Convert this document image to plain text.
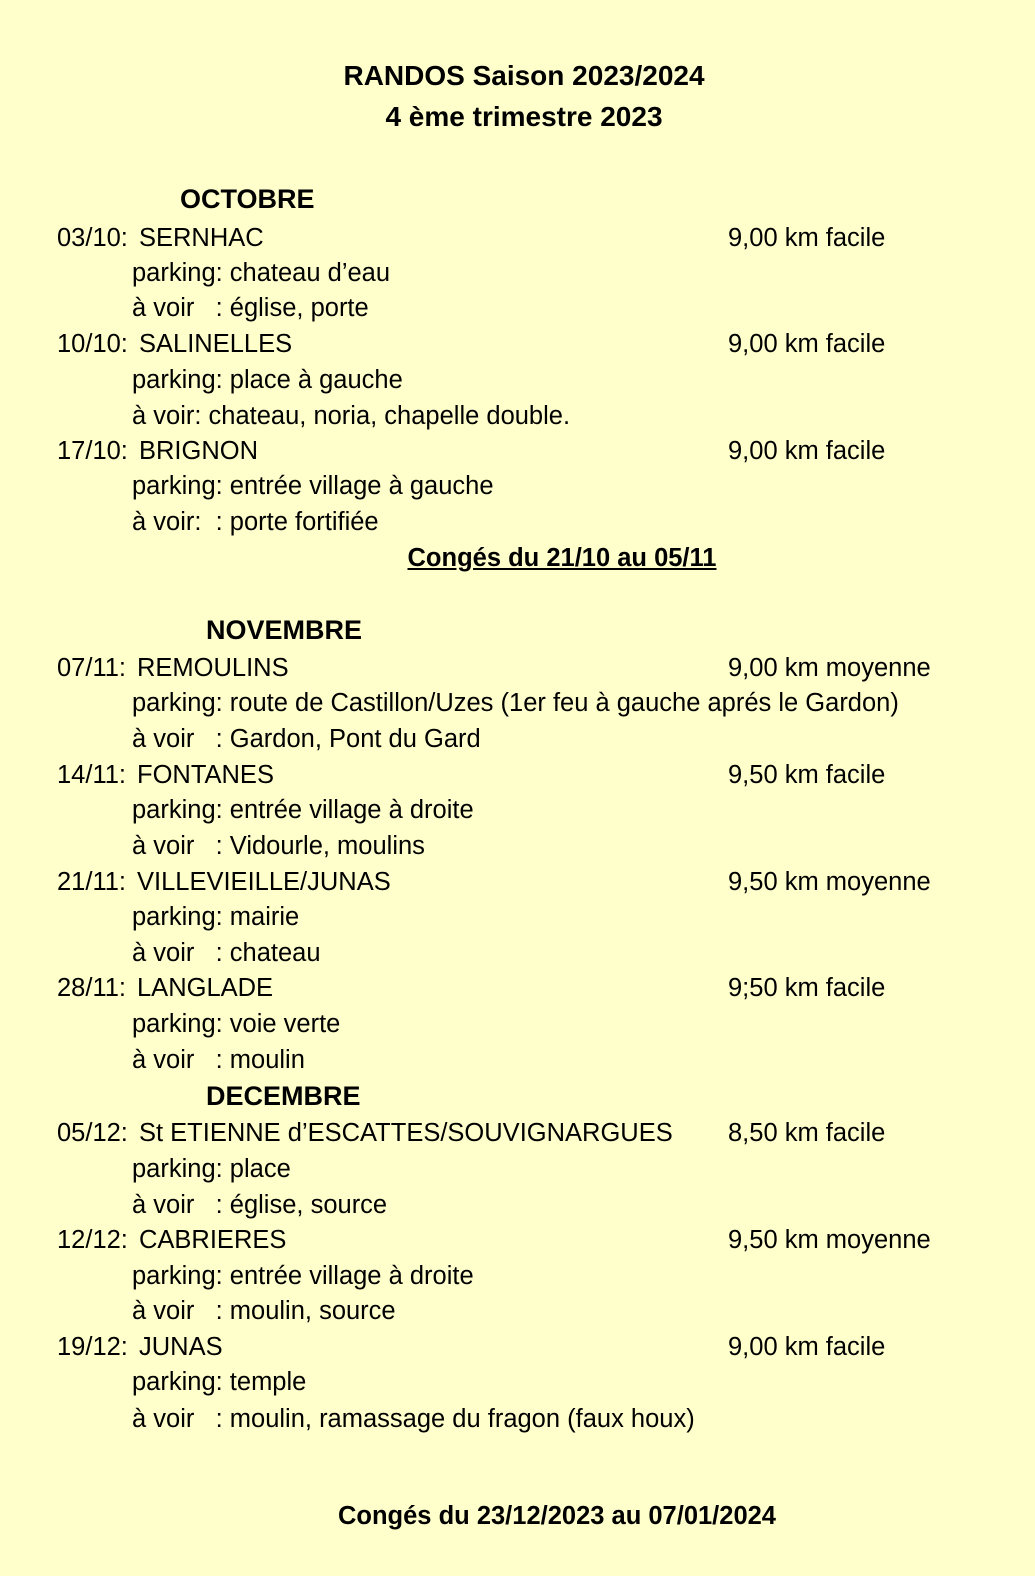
RANDOS Saison 2023/2024
4 ème trimestre 2023
OCTOBRE
03/10: SERNHAC	9,00 km facile
parking: chateau d’eau
à voir   : église, porte
10/10: SALINELLES	9,00 km facile
parking: place à gauche
à voir: chateau, noria, chapelle double.
17/10: BRIGNON	9,00 km facile
parking: entrée village à gauche
à voir:  : porte fortifiée
Congés du 21/10 au 05/11
NOVEMBRE
07/11: REMOULINS	9,00 km moyenne
parking: route de Castillon/Uzes (1er feu à gauche aprés le Gardon)
à voir   : Gardon, Pont du Gard
14/11: FONTANES	9,50 km facile
parking: entrée village à droite
à voir   : Vidourle, moulins
21/11: VILLEVIEILLE/JUNAS	9,50 km moyenne
parking: mairie
à voir   : chateau
28/11: LANGLADE	9;50 km facile
parking: voie verte
à voir   : moulin
DECEMBRE
05/12: St ETIENNE d’ESCATTES/SOUVIGNARGUES 8,50 km facile
parking: place
à voir   : église, source
12/12: CABRIERES	9,50 km moyenne
parking: entrée village à droite
à voir   : moulin, source
19/12: JUNAS	9,00 km facile
parking: temple
à voir   : moulin, ramassage du fragon (faux houx)
Congés du 23/12/2023 au 07/01/2024
